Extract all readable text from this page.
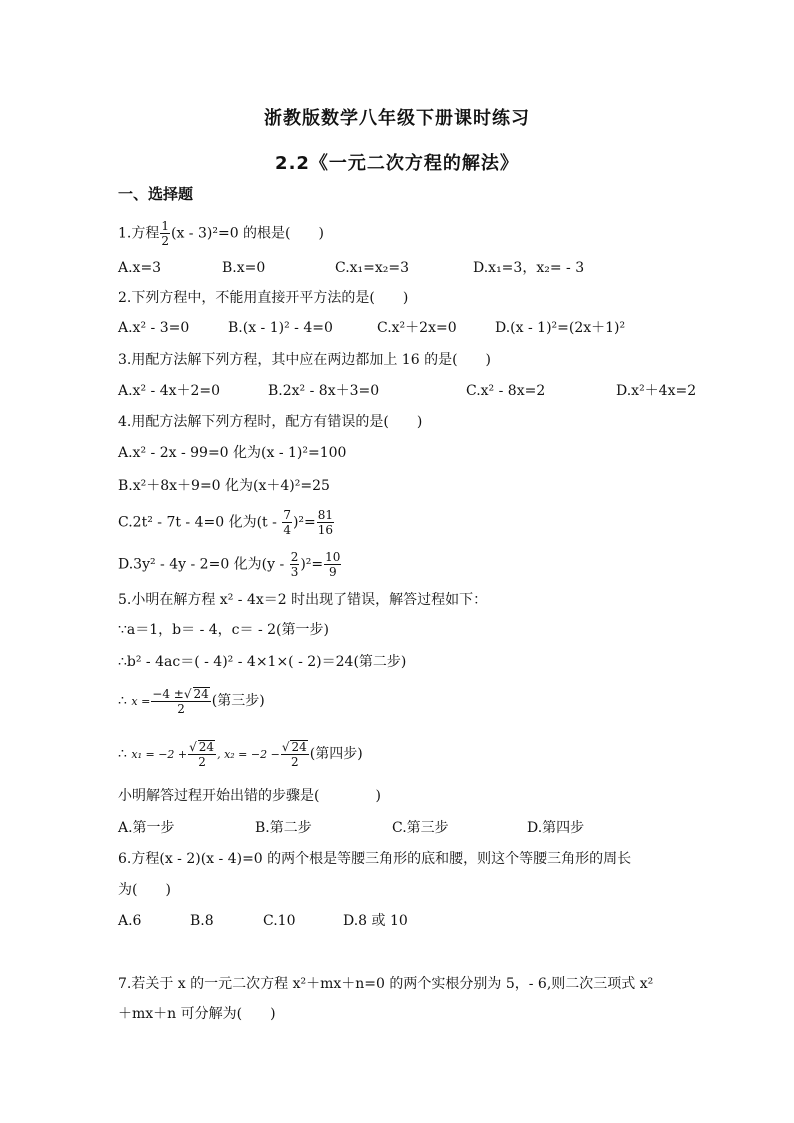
浙教版数学八年级下册课时练习
2.2《一元二次方程的解法》
一、选择题
1.方程 $\frac{1}{2} (x - 3)^2=0$ 的根是(　　)
A.x=3	B.x=0	C.x₁=x₂=3	D.x₁=3，x₂= - 3
2.下列方程中，不能用直接开平方法的是(　　)
A.x² - 3=0	B.(x - 1)² - 4=0	C.x²＋2x=0	D.(x - 1)²=(2x＋1)²
3.用配方法解下列方程，其中应在两边都加上 16 的是(　　)
A.x² - 4x＋2=0	B.2x² - 8x＋3=0	C.x² - 8x=2	D.x²＋4x=2
4.用配方法解下列方程时，配方有错误的是(　　)
A.x² - 2x - 99=0 化为(x - 1)²=100
B.x²＋8x＋9=0 化为(x＋4)²=25
C.2t² - 7t - 4=0 化为$(t - \frac{7}{4} )^2= \frac{81}{16}$
D.3y² - 4y - 2=0 化为$(y - \frac{2}{3} )^2= \frac{10}{9}$
5.小明在解方程 x² - 4x＝2 时出现了错误，解答过程如下：
∵a＝1，b＝ - 4，c＝ - 2(第一步)
∴b² - 4ac＝( - 4)² - 4×1×( - 2)＝24(第二步)
∴ $x = \frac{-4 \pm√ 24}{2}$ (第三步)
∴ $x_1 = -2 + \frac{√ 24}{2}$ , $x_2 = -2 - \frac{√ 24}{2}$ (第四步)
小明解答过程开始出错的步骤是(　　　　)
A.第一步	B.第二步	C.第三步	D.第四步
6.方程(x - 2)(x - 4)=0 的两个根是等腰三角形的底和腰，则这个等腰三角形的周长
为(　　)
A.6	B.8	C.10	D.8 或 10
7.若关于 x 的一元二次方程 x²＋mx＋n=0 的两个实根分别为 5，- 6,则二次三项式 x²
＋mx＋n 可分解为(　　)
